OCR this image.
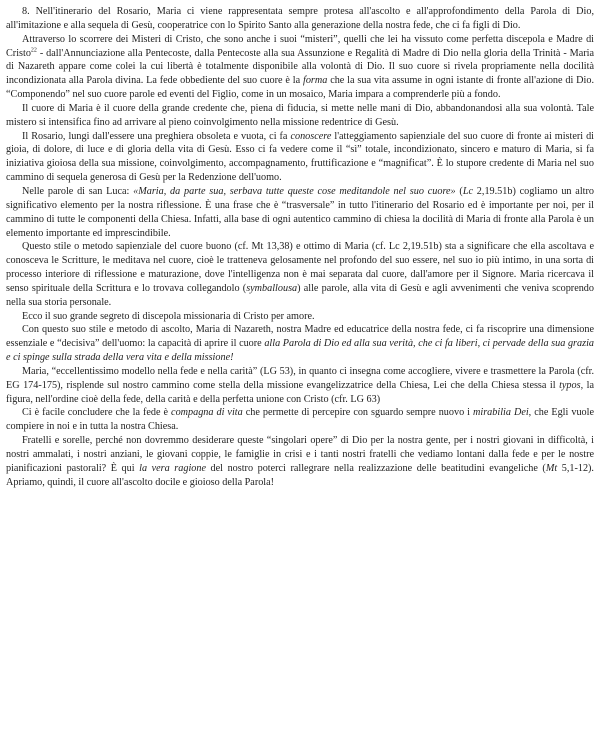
8. Nell'itinerario del Rosario, Maria ci viene rappresentata sempre protesa all'ascolto e all'approfondimento della Parola di Dio, all'imitazione e alla sequela di Gesù, cooperatrice con lo Spirito Santo alla generazione della nostra fede, che ci fa figli di Dio.

Attraverso lo scorrere dei Misteri di Cristo, che sono anche i suoi “misteri”, quelli che lei ha vissuto come perfetta discepola e Madre di Cristo$^{22}$ - dall'Annunciazione alla Pentecoste, dalla Pentecoste alla sua Assunzione e Regalità di Madre di Dio nella gloria della Trinità - Maria di Nazareth appare come colei la cui libertà è totalmente disponibile alla volontà di Dio. Il suo cuore si rivela propriamente nella docilità incondizionata alla Parola divina. La fede obbediente del suo cuore è la forma che la sua vita assume in ogni istante di fronte all'azione di Dio. “Componendo” nel suo cuore parole ed eventi del Figlio, come in un mosaico, Maria impara a comprenderle più a fondo.

Il cuore di Maria è il cuore della grande credente che, piena di fiducia, si mette nelle mani di Dio, abbandonandosi alla sua volontà. Tale mistero si intensifica fino ad arrivare al pieno coinvolgimento nella missione redentrice di Gesù.

Il Rosario, lungi dall'essere una preghiera obsoleta e vuota, ci fa conoscere l'atteggiamento sapienziale del suo cuore di fronte ai misteri di gioia, di dolore, di luce e di gloria della vita di Gesù. Esso ci fa vedere come il “sì” totale, incondizionato, sincero e maturo di Maria, si fa iniziativa gioiosa della sua missione, coinvolgimento, accompagnamento, fruttificazione e “magnificat”. È lo stupore credente di Maria nel suo cammino di sequela generosa di Gesù per la Redenzione dell'uomo.

Nelle parole di san Luca: «Maria, da parte sua, serbava tutte queste cose meditandole nel suo cuore» (Lc 2,19.51b) cogliamo un altro significativo elemento per la nostra riflessione. È una frase che è “trasversale” in tutto l'itinerario del Rosario ed è importante per noi, per il cammino di tutte le componenti della Chiesa. Infatti, alla base di ogni autentico cammino di chiesa la docilità di Maria di fronte alla Parola è un elemento importante ed imprescindibile.

Questo stile o metodo sapienziale del cuore buono (cf. Mt 13,38) e ottimo di Maria (cf. Lc 2,19.51b) sta a significare che ella ascoltava e conosceva le Scritture, le meditava nel cuore, cioè le tratteneva gelosamente nel profondo del suo essere, nel suo io più intimo, in una sorta di processo interiore di riflessione e maturazione, dove l'intelligenza non è mai separata dal cuore, dall'amore per il Signore. Maria ricercava il senso spirituale della Scrittura e lo trovava collegandolo (symballousa) alle parole, alla vita di Gesù e agli avvenimenti che veniva scoprendo nella sua storia personale.

Ecco il suo grande segreto di discepola missionaria di Cristo per amore.

Con questo suo stile e metodo di ascolto, Maria di Nazareth, nostra Madre ed educatrice della nostra fede, ci fa riscoprire una dimensione essenziale e “decisiva” dell'uomo: la capacità di aprire il cuore alla Parola di Dio ed alla sua verità, che ci fa liberi, ci pervade della sua grazia e ci spinge sulla strada della vera vita e della missione!

Maria, “eccellentissimo modello nella fede e nella carità” (LG 53), in quanto ci insegna come accogliere, vivere e trasmettere la Parola (cfr. EG 174-175), risplende sul nostro cammino come stella della missione evangelizzatrice della Chiesa, Lei che della Chiesa stessa il typos, la figura, nell'ordine cioè della fede, della carità e della perfetta unione con Cristo (cfr. LG 63)

Ci è facile concludere che la fede è compagna di vita che permette di percepire con sguardo sempre nuovo i mirabilia Dei, che Egli vuole compiere in noi e in tutta la nostra Chiesa.

Fratelli e sorelle, perché non dovremmo desiderare queste “singolari opere” di Dio per la nostra gente, per i nostri giovani in difficoltà, i nostri ammalati, i nostri anziani, le giovani coppie, le famiglie in crisi e i tanti nostri fratelli che vediamo lontani dalla fede e per le nostre pianificazioni pastorali? È qui la vera ragione del nostro poterci rallegrare nella realizzazione delle beatitudini evangeliche (Mt 5,1-12). Apriamo, quindi, il cuore all'ascolto docile e gioioso della Parola!
